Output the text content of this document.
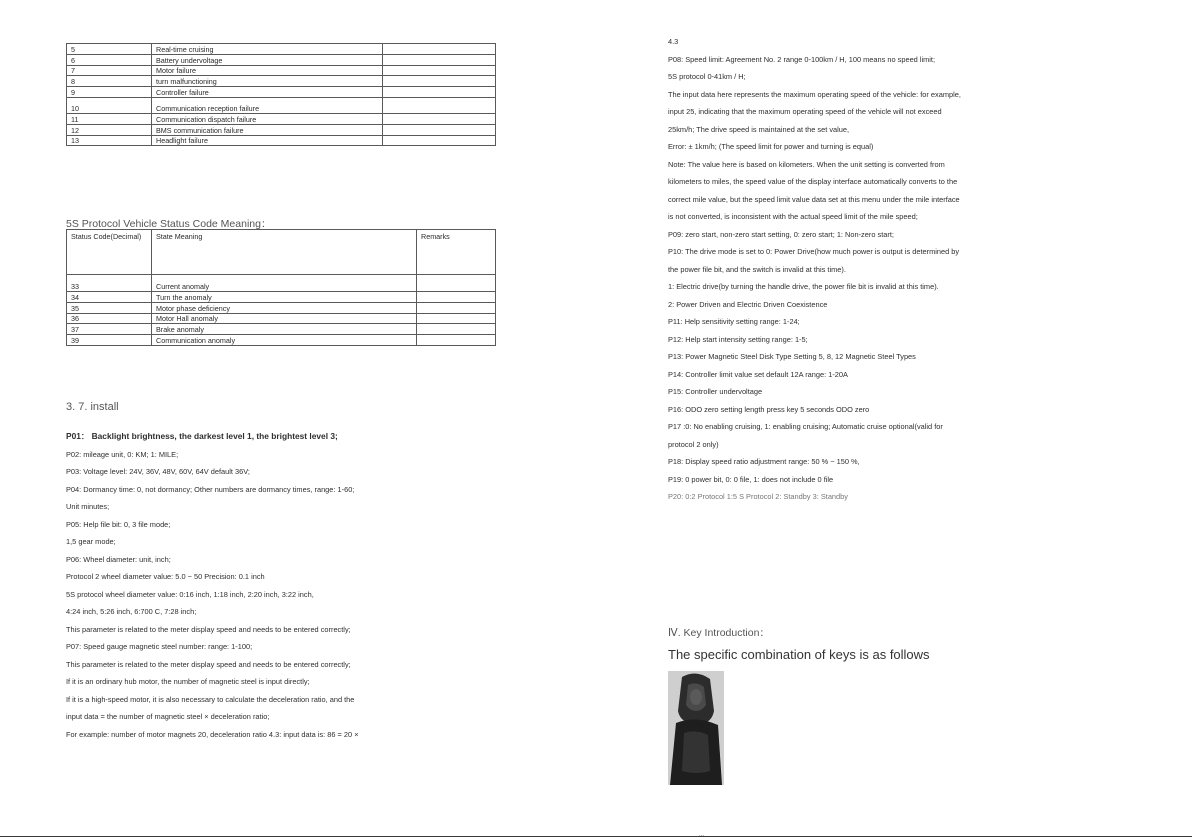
5	Real-time cruising	
6	Battery undervoltage	
7	Motor failure	
8	turn malfunctioning	
9	Controller failure	
10	Communication reception failure	
11	Communication dispatch failure	
12	BMS communication failure	
13	Headlight failure	
5S Protocol Vehicle Status Code Meaning：
Status Code(Decimal)	State Meaning	Remarks
33	Current anomaly	
34	Turn the anomaly	
35	Motor phase deficiency	
36	Motor Hall anomaly	
37	Brake anomaly	
39	Communication anomaly	
3. 7. install

P01： Backlight brightness, the darkest level 1, the brightest level 3;

P02: mileage unit, 0: KM; 1: MILE;

P03: Voltage level: 24V, 36V, 48V, 60V, 64V default 36V;

P04: Dormancy time: 0, not dormancy; Other numbers are dormancy times, range: 1-60;

Unit minutes;

P05: Help file bit: 0, 3 file mode;

1,5 gear mode;

P06: Wheel diameter: unit, inch;

Protocol 2 wheel diameter value: 5.0 ~ 50 Precision: 0.1 inch

5S protocol wheel diameter value: 0:16 inch, 1:18 inch, 2:20 inch, 3:22 inch,

4:24 inch, 5:26 inch, 6:700 C, 7:28 inch;

This parameter is related to the meter display speed and needs to be entered correctly;

P07: Speed gauge magnetic steel number: range: 1-100;

This parameter is related to the meter display speed and needs to be entered correctly;

If it is an ordinary hub motor, the number of magnetic steel is input directly;

If it is a high-speed motor, it is also necessary to calculate the deceleration ratio, and the

input data = the number of magnetic steel × deceleration ratio;

For example: number of motor magnets 20, deceleration ratio 4.3: input data is: 86 = 20 ×

4.3

P08: Speed limit: Agreement No. 2 range 0-100km / H, 100 means no speed limit;

5S protocol 0-41km / H;

The input data here represents the maximum operating speed of the vehicle: for example,

input 25, indicating that the maximum operating speed of the vehicle will not exceed

25km/h; The drive speed is maintained at the set value,

Error: ± 1km/h; (The speed limit for power and turning is equal)

Note: The value here is based on kilometers. When the unit setting is converted from

kilometers to miles, the speed value of the display interface automatically converts to the

correct mile value, but the speed limit value data set at this menu under the mile interface

is not converted, is inconsistent with the actual speed limit of the mile speed;

P09: zero start, non-zero start setting, 0: zero start; 1: Non-zero start;

P10: The drive mode is set to 0: Power Drive(how much power is output is determined by

the power file bit, and the switch is invalid at this time).

1: Electric drive(by turning the handle drive, the power file bit is invalid at this time).

2: Power Driven and Electric Driven Coexistence

P11: Help sensitivity setting range: 1-24;

P12: Help start intensity setting range: 1-5;

P13: Power Magnetic Steel Disk Type Setting 5, 8, 12 Magnetic Steel Types

P14: Controller limit value set default 12A range: 1-20A

P15: Controller undervoltage

P16: ODO zero setting length press key 5 seconds ODO zero

P17 :0: No enabling cruising, 1: enabling cruising; Automatic cruise optional(valid for

protocol 2 only)

P18: Display speed ratio adjustment range: 50 % ~ 150 %,

P19: 0 power bit, 0: 0 file, 1: does not include 0 file

P20: 0:2 Protocol 1:5 S Protocol 2: Standby 3: Standby

Ⅳ. Key Introduction：
The specific combination of keys is as follows
...
